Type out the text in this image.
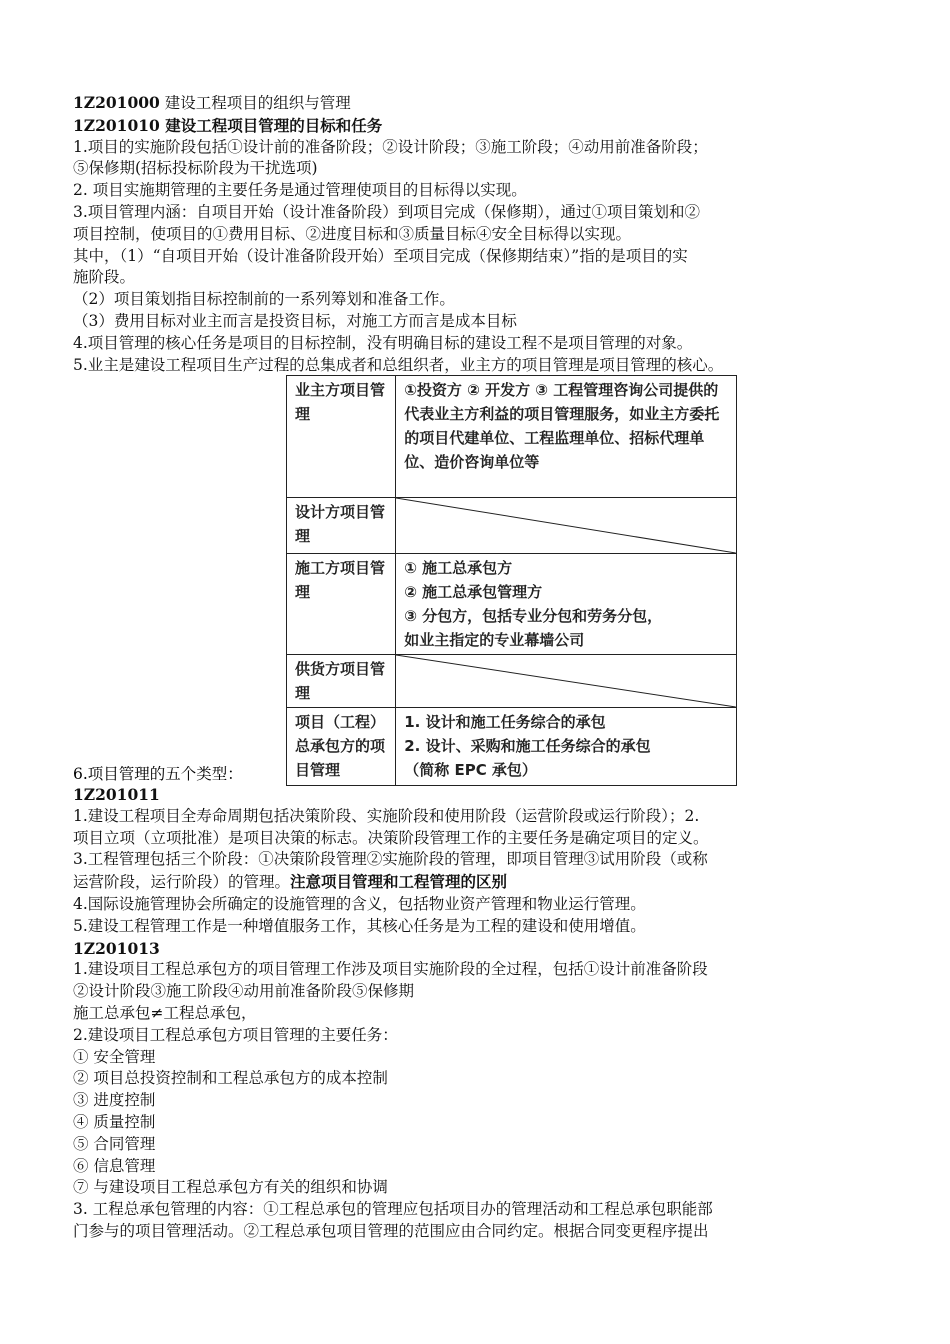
1Z201000 建设工程项目的组织与管理

1Z201010 建设工程项目管理的目标和任务

1.项目的实施阶段包括①设计前的准备阶段；②设计阶段；③施工阶段；④动用前准备阶段；

⑤保修期(招标投标阶段为干扰选项)

2. 项目实施期管理的主要任务是通过管理使项目的目标得以实现。

3.项目管理内涵：自项目开始（设计准备阶段）到项目完成（保修期），通过①项目策划和②

项目控制，使项目的①费用目标、②进度目标和③质量目标④安全目标得以实现。

其中，（1）“自项目开始（设计准备阶段开始）至项目完成（保修期结束）”指的是项目的实

施阶段。

（2）项目策划指目标控制前的一系列筹划和准备工作。

（3）费用目标对业主而言是投资目标，对施工方而言是成本目标

4.项目管理的核心任务是项目的目标控制，没有明确目标的建设工程不是项目管理的对象。

5.业主是建设工程项目生产过程的总集成者和总组织者，业主方的项目管理是项目管理的核心。

业主方项目管理	①投资方 ② 开发方 ③ 工程管理咨询公司提供的代表业主方利益的项目管理服务，如业主方委托的项目代建单位、工程监理单位、招标代理单位、造价咨询单位等
设计方项目管理	

施工方项目管理	① 施工总承包方
② 施工总承包管理方
③ 分包方，包括专业分包和劳务分包，
如业主指定的专业幕墙公司
供货方项目管理	

项目（工程）总承包方的项目管理	1. 设计和施工任务综合的承包
2. 设计、采购和施工任务综合的承包
（简称 EPC 承包）
6.项目管理的五个类型：

1Z201011

1.建设工程项目全寿命周期包括决策阶段、实施阶段和使用阶段（运营阶段或运行阶段）；2.

项目立项（立项批准）是项目决策的标志。决策阶段管理工作的主要任务是确定项目的定义。

3.工程管理包括三个阶段：①决策阶段管理②实施阶段的管理，即项目管理③试用阶段（或称

运营阶段，运行阶段）的管理。注意项目管理和工程管理的区别

4.国际设施管理协会所确定的设施管理的含义，包括物业资产管理和物业运行管理。

5.建设工程管理工作是一种增值服务工作，其核心任务是为工程的建设和使用增值。

1Z201013

1.建设项目工程总承包方的项目管理工作涉及项目实施阶段的全过程，包括①设计前准备阶段

②设计阶段③施工阶段④动用前准备阶段⑤保修期

施工总承包≠工程总承包，

2.建设项目工程总承包方项目管理的主要任务：

① 安全管理

② 项目总投资控制和工程总承包方的成本控制

③ 进度控制

④ 质量控制

⑤ 合同管理

⑥ 信息管理

⑦ 与建设项目工程总承包方有关的组织和协调

3. 工程总承包管理的内容：①工程总承包的管理应包括项目办的管理活动和工程总承包职能部

门参与的项目管理活动。②工程总承包项目管理的范围应由合同约定。根据合同变更程序提出
